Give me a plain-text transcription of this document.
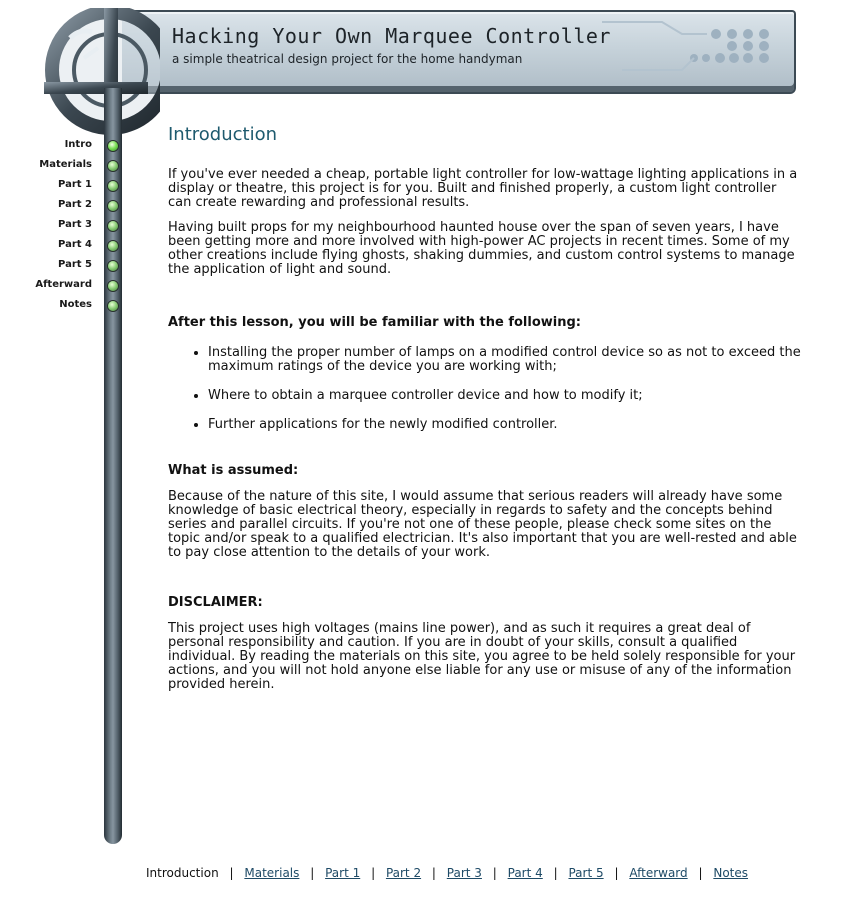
Hacking Your Own Marquee Controller
a simple theatrical design project for the home handyman
Intro
Materials
Part 1
Part 2
Part 3
Part 4
Part 5
Afterward
Notes
Introduction

If you've ever needed a cheap, portable light controller for low-wattage lighting applications in a display or theatre, this project is for you. Built and finished properly, a custom light controller can create rewarding and professional results.

Having built props for my neighbourhood haunted house over the span of seven years, I have been getting more and more involved with high-power AC projects in recent times. Some of my other creations include flying ghosts, shaking dummies, and custom control systems to manage the application of light and sound.

After this lesson, you will be familiar with the following:

• Installing the proper number of lamps on a modified control device so as not to exceed the maximum ratings of the device you are working with;
• Where to obtain a marquee controller device and how to modify it;
• Further applications for the newly modified controller.

What is assumed:

Because of the nature of this site, I would assume that serious readers will already have some knowledge of basic electrical theory, especially in regards to safety and the concepts behind series and parallel circuits. If you're not one of these people, please check some sites on the topic and/or speak to a qualified electrician. It's also important that you are well-rested and able to pay close attention to the details of your work.

DISCLAIMER:

This project uses high voltages (mains line power), and as such it requires a great deal of personal responsibility and caution. If you are in doubt of your skills, consult a qualified individual. By reading the materials on this site, you agree to be held solely responsible for your actions, and you will not hold anyone else liable for any use or misuse of any of the information provided herein.

Introduction | Materials | Part 1 | Part 2 | Part 3 | Part 4 | Part 5 | Afterward | Notes
